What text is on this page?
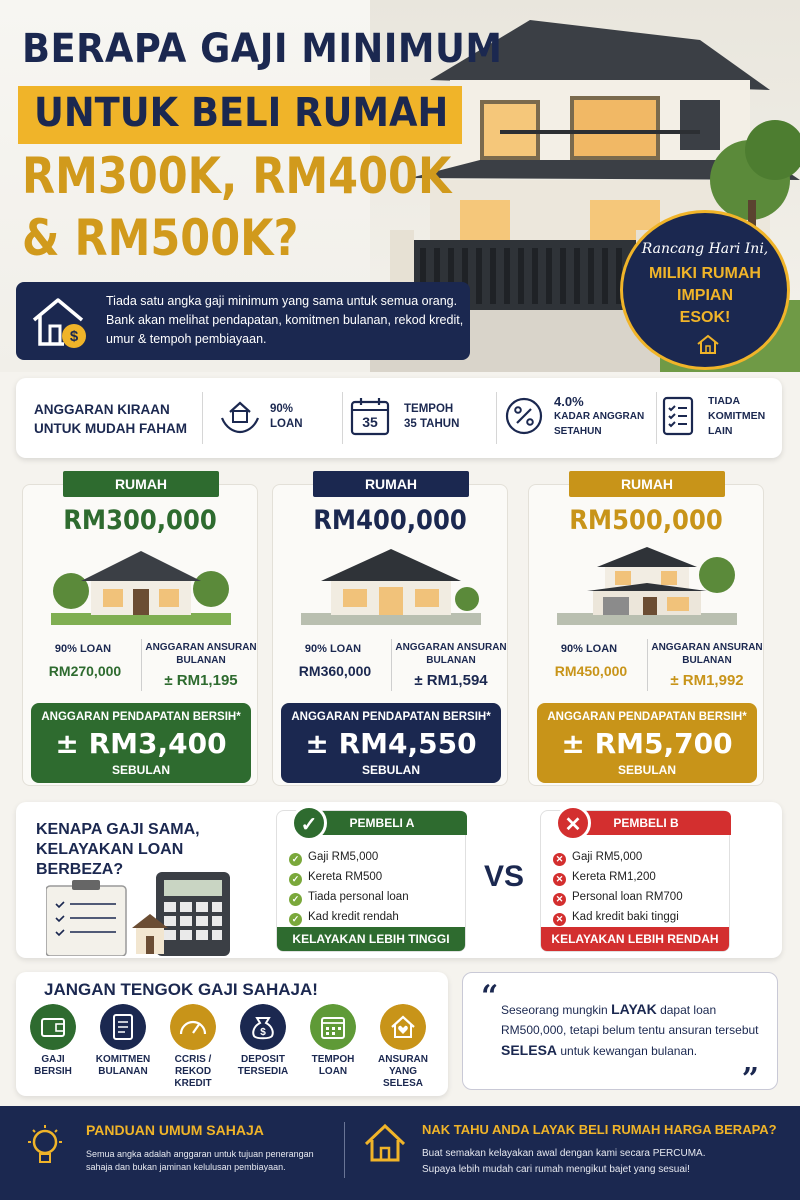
BERAPA GAJI MINIMUM
UNTUK BELI RUMAH
RM300K, RM400K
& RM500K?
$
Tiada satu angka gaji minimum yang sama untuk semua orang. Bank akan melihat pendapatan, komitmen bulanan, rekod kredit, umur & tempoh pembiayaan.
Rancang Hari Ini,
MILIKI RUMAH
IMPIAN
ESOK!
ANGGARAN KIRAAN
UNTUK MUDAH FAHAM
90%
LOAN	35
TEMPOH
35 TAHUN
4.0%
KADAR ANGGRAN
SETAHUN
TIADA
KOMITMEN
LAIN
RUMAH
RM300,000
90% LOAN
RM270,000
ANGGARAN ANSURAN
BULANAN
± RM1,195
ANGGARAN PENDAPATAN BERSIH*
± RM3,400
SEBULAN
RUMAH
RM400,000
90% LOAN
RM360,000
ANGGARAN ANSURAN
BULANAN
± RM1,594
ANGGARAN PENDAPATAN BERSIH*
± RM4,550
SEBULAN
RUMAH
RM500,000
90% LOAN
RM450,000
ANGGARAN ANSURAN
BULANAN
± RM1,992
ANGGARAN PENDAPATAN BERSIH*
± RM5,700
SEBULAN
KENAPA GAJI SAMA,
KELAYAKAN LOAN
BERBEZA?
PEMBELI A
✓
✓ Gaji RM5,000
✓ Kereta RM500
✓ Tiada personal loan
✓ Kad kredit rendah
KELAYAKAN LEBIH TINGGI
VS
PEMBELI B
✕
✕ Gaji RM5,000
✕ Kereta RM1,200
✕ Personal loan RM700
✕ Kad kredit baki tinggi
KELAYAKAN LEBIH RENDAH
JANGAN TENGOK GAJI SAHAJA!
GAJI
BERSIH
KOMITMEN
BULANAN
CCRIS /
REKOD KREDIT
$
DEPOSIT
TERSEDIA
TEMPOH
LOAN
ANSURAN
YANG SELESA
“ Seseorang mungkin LAYAK dapat loan RM500,000, tetapi belum tentu ansuran tersebut SELESA untuk kewangan bulanan.
”
PANDUAN UMUM SAHAJA
Semua angka adalah anggaran untuk tujuan penerangan sahaja dan bukan jaminan kelulusan pembiayaan.
NAK TAHU ANDA LAYAK BELI RUMAH HARGA BERAPA?
Buat semakan kelayakan awal dengan kami secara PERCUMA.
Supaya lebih mudah cari rumah mengikut bajet yang sesuai!
